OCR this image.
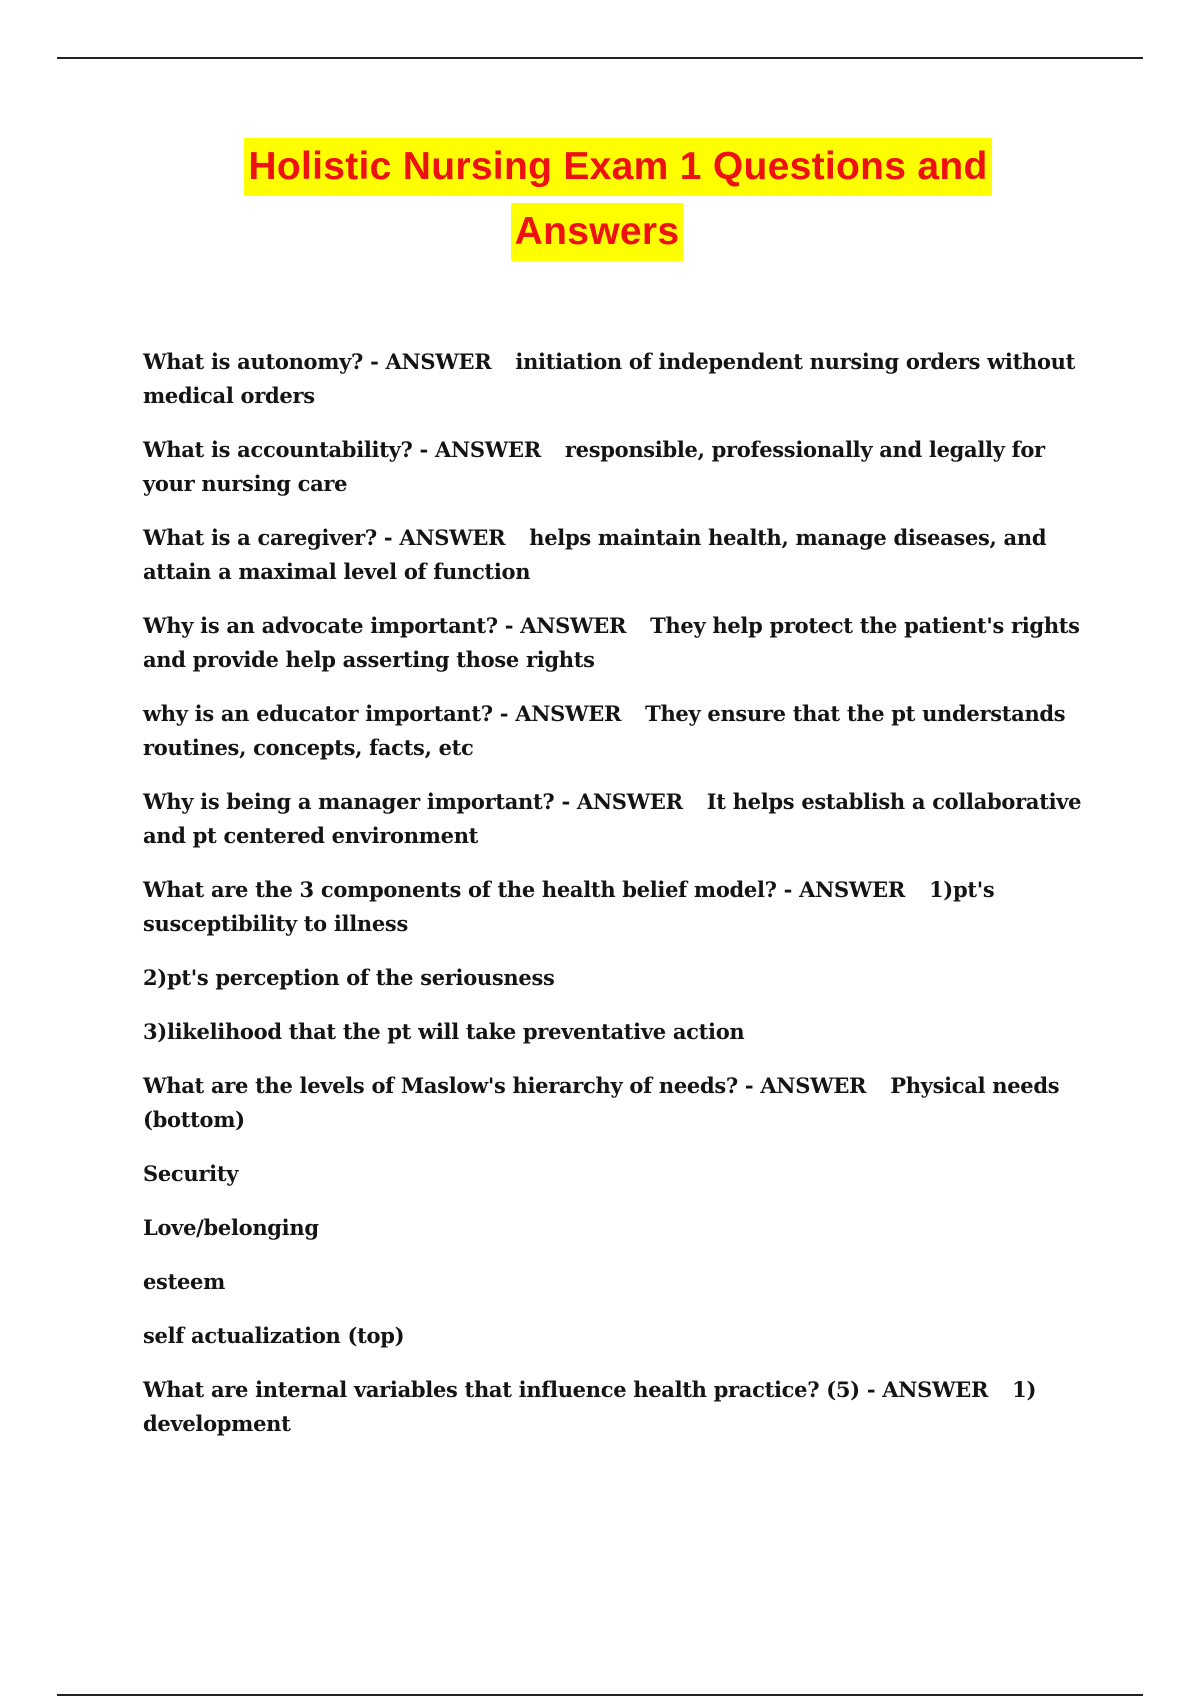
Holistic Nursing Exam 1 Questions and
Answers

What is autonomy? - ANSWER initiation of independent nursing orders without medical orders

What is accountability? - ANSWER responsible, professionally and legally for your nursing care

What is a caregiver? - ANSWER helps maintain health, manage diseases, and attain a maximal level of function

Why is an advocate important? - ANSWER They help protect the patient's rights and provide help asserting those rights

why is an educator important? - ANSWER They ensure that the pt understands routines, concepts, facts, etc

Why is being a manager important? - ANSWER It helps establish a collaborative and pt centered environment

What are the 3 components of the health belief model? - ANSWER 1)pt's susceptibility to illness

2)pt's perception of the seriousness

3)likelihood that the pt will take preventative action

What are the levels of Maslow's hierarchy of needs? - ANSWER Physical needs (bottom)

Security

Love/belonging

esteem

self actualization (top)

What are internal variables that influence health practice? (5) - ANSWER 1) development
